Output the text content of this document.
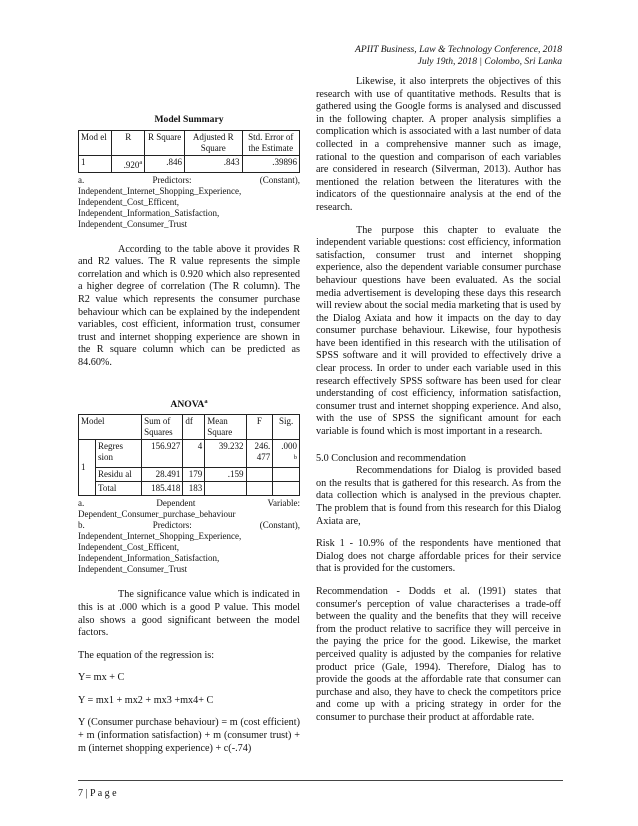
APIIT Business, Law & Technology Conference, 2018
July 19th, 2018 | Colombo, Sri Lanka
Model Summary
Mod el	R	R Square	Adjusted R Square	Std. Error of the Estimate
1	.920$^a$	.846	.843	.39896
a.	Predictors:	(Constant),
Independent_Internet_Shopping_Experience,
Independent_Cost_Efficent,
Independent_Information_Satisfaction,
Independent_Consumer_Trust

According to the table above it provides R and R2 values. The R value represents the simple correlation and which is 0.920 which also represented a higher degree of correlation (The R column). The R2 value which represents the consumer purchase behaviour which can be explained by the independent variables, cost efficient, information trust, consumer trust and internet shopping experience are shown in the R square column which can be predicted as 84.60%.

ANOVA$^a$
Model		Sum of Squares	df	Mean Square	F	Sig.
1	Regres sion	156.927	4	39.232	246. 477	.000
$^b$
	Residu al	28.491	179	.159		
	Total	185.418	183			
a.	Dependent	Variable:
Dependent_Consumer_purchase_behaviour
b.	Predictors:	(Constant),
Independent_Internet_Shopping_Experience,
Independent_Cost_Efficent,
Independent_Information_Satisfaction,
Independent_Consumer_Trust

The significance value which is indicated in this is at .000 which is a good P value. This model also shows a good significant between the model factors.

The equation of the regression is:

Y= mx + C

Y = mx1 + mx2 + mx3 +mx4+ C

Y (Consumer purchase behaviour) = m (cost efficient) + m (information satisfaction) + m (consumer trust) + m (internet shopping experience) + c(-.74)

Likewise, it also interprets the objectives of this research with use of quantitative methods. Results that is gathered using the Google forms is analysed and discussed in the following chapter. A proper analysis simplifies a complication which is associated with a last number of data collected in a comprehensive manner such as image, rational to the question and comparison of each variables are considered in research (Silverman, 2013). Author has mentioned the relation between the literatures with the indicators of the questionnaire analysis at the end of the research.

The purpose this chapter to evaluate the independent variable questions: cost efficiency, information satisfaction, consumer trust and internet shopping experience, also the dependent variable consumer purchase behaviour questions have been evaluated. As the social media advertisement is developing these days this research will review about the social media marketing that is used by the Dialog Axiata and how it impacts on the day to day consumer purchase behaviour. Likewise, four hypothesis have been identified in this research with the utilisation of SPSS software and it will provided to effectively drive a clear process. In order to under each variable used in this research effectively SPSS software has been used for clear understanding of cost efficiency, information satisfaction, consumer trust and internet shopping experience. And also, with the use of SPSS the significant amount for each variable is found which is most important in a research.

5.0 Conclusion and recommendation

Recommendations for Dialog is provided based on the results that is gathered for this research. As from the data collection which is analysed in the previous chapter. The problem that is found from this research for this Dialog Axiata are,

Risk 1 - 10.9% of the respondents have mentioned that Dialog does not charge affordable prices for their service that is provided for the customers.

Recommendation - Dodds et al. (1991) states that consumer's perception of value characterises a trade-off between the quality and the benefits that they will receive from the product relative to sacrifice they will perceive in the paying the price for the good. Likewise, the market perceived quality is adjusted by the companies for relative product price (Gale, 1994). Therefore, Dialog has to provide the goods at the affordable rate that consumer can purchase and also, they have to check the competitors price and come up with a pricing strategy in order for the consumer to purchase their product at affordable rate.

7 | P a g e
